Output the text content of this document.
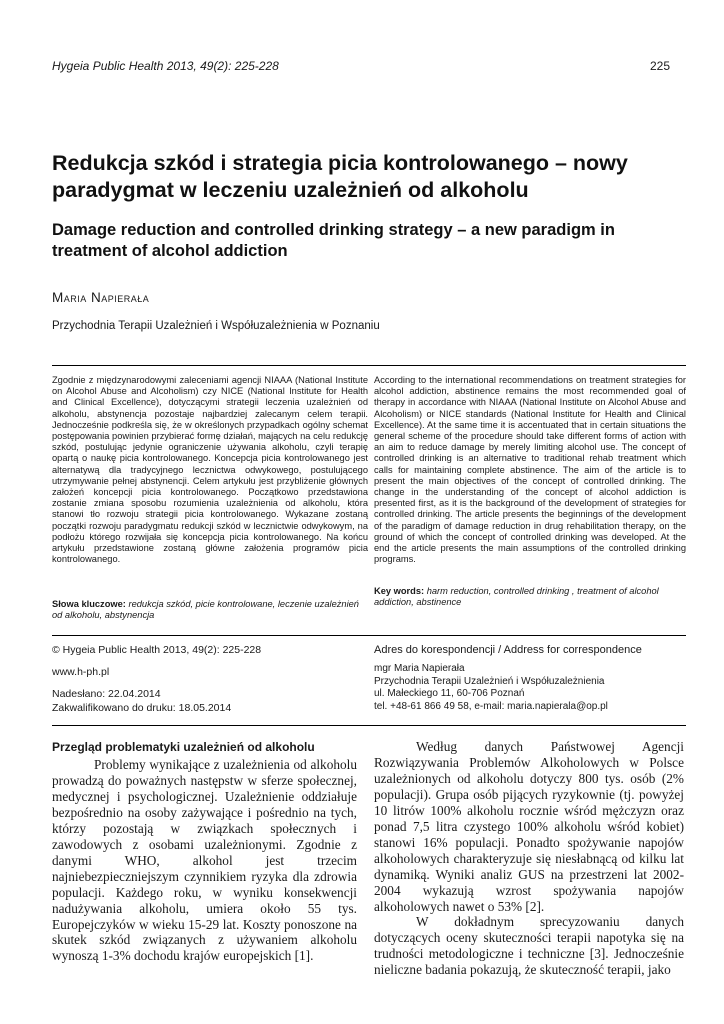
Hygeia Public Health 2013, 49(2): 225-228	225
Redukcja szkód i strategia picia kontrolowanego – nowy paradygmat w leczeniu uzależnień od alkoholu
Damage reduction and controlled drinking strategy – a new paradigm in treatment of alcohol addiction
Maria Napierała
Przychodnia Terapii Uzależnień i Współuzależnienia w Poznaniu
Zgodnie z międzynarodowymi zaleceniami agencji NIAAA (National Institute on Alcohol Abuse and Alcoholism) czy NICE (National Institute for Health and Clinical Excellence), dotyczącymi strategii leczenia uzależnień od alkoholu, abstynencja pozostaje najbardziej zalecanym celem terapii. Jednocześnie podkreśla się, że w określonych przypadkach ogólny schemat postępowania powinien przybierać formę działań, mających na celu redukcję szkód, postulując jedynie ograniczenie używania alkoholu, czyli terapię opartą o naukę picia kontrolowanego. Koncepcja picia kontrolowanego jest alternatywą dla tradycyjnego lecznictwa odwykowego, postulującego utrzymywanie pełnej abstynencji. Celem artykułu jest przybliżenie głównych założeń koncepcji picia kontrolowanego. Początkowo przedstawiona zostanie zmiana sposobu rozumienia uzależnienia od alkoholu, która stanowi tło rozwoju strategii picia kontrolowanego. Wykazane zostaną początki rozwoju paradygmatu redukcji szkód w lecznictwie odwykowym, na podłożu którego rozwijała się koncepcja picia kontrolowanego. Na końcu artykułu przedstawione zostaną główne założenia programów picia kontrolowanego.
Słowa kluczowe: redukcja szkód, picie kontrolowane, leczenie uzależnień od alkoholu, abstynencja
According to the international recommendations on treatment strategies for alcohol addiction, abstinence remains the most recommended goal of therapy in accordance with NIAAA (National Institute on Alcohol Abuse and Alcoholism) or NICE standards (National Institute for Health and Clinical Excellence). At the same time it is accentuated that in certain situations the general scheme of the procedure should take different forms of action with an aim to reduce damage by merely limiting alcohol use. The concept of controlled drinking is an alternative to traditional rehab treatment which calls for maintaining complete abstinence. The aim of the article is to present the main objectives of the concept of controlled drinking. The change in the understanding of the concept of alcohol addiction is presented first, as it is the background of the development of strategies for controlled drinking. The article presents the beginnings of the development of the paradigm of damage reduction in drug rehabilitation therapy, on the ground of which the concept of controlled drinking was developed. At the end the article presents the main assumptions of the controlled drinking programs.
Key words: harm reduction, controlled drinking , treatment of alcohol addiction, abstinence
© Hygeia Public Health 2013, 49(2): 225-228
www.h-ph.pl
Nadesłano: 22.04.2014
Zakwalifikowano do druku: 18.05.2014
Adres do korespondencji / Address for correspondence
mgr Maria Napierała
Przychodnia Terapii Uzależnień i Współuzależnienia
ul. Małeckiego 11, 60-706 Poznań
tel. +48-61 866 49 58, e-mail: maria.napierala@op.pl
Przegląd problematyki uzależnień od alkoholu

Problemy wynikające z uzależnienia od alkoholu prowadzą do poważnych następstw w sferze społecznej, medycznej i psychologicznej. Uzależnienie oddziałuje bezpośrednio na osoby zażywające i pośrednio na tych, którzy pozostają w związkach społecznych i zawodowych z osobami uzależnionymi. Zgodnie z danymi WHO, alkohol jest trzecim najniebezpieczniejszym czynnikiem ryzyka dla zdrowia populacji. Każdego roku, w wyniku konsekwencji nadużywania alkoholu, umiera około 55 tys. Europejczyków w wieku 15-29 lat. Koszty ponoszone na skutek szkód związanych z używaniem alkoholu wynoszą 1-3% dochodu krajów europejskich [1].

Według danych Państwowej Agencji Rozwiązywania Problemów Alkoholowych w Polsce uzależnionych od alkoholu dotyczy 800 tys. osób (2% populacji). Grupa osób pijących ryzykownie (tj. powyżej 10 litrów 100% alkoholu rocznie wśród mężczyzn oraz ponad 7,5 litra czystego 100% alkoholu wśród kobiet) stanowi 16% populacji. Ponadto spożywanie napojów alkoholowych charakteryzuje się niesłabnącą od kilku lat dynamiką. Wyniki analiz GUS na przestrzeni lat 2002-2004 wykazują wzrost spożywania napojów alkoholowych nawet o 53% [2].

W dokładnym sprecyzowaniu danych dotyczących oceny skuteczności terapii napotyka się na trudności metodologiczne i techniczne [3]. Jednocześnie nieliczne badania pokazują, że skuteczność terapii, jako
